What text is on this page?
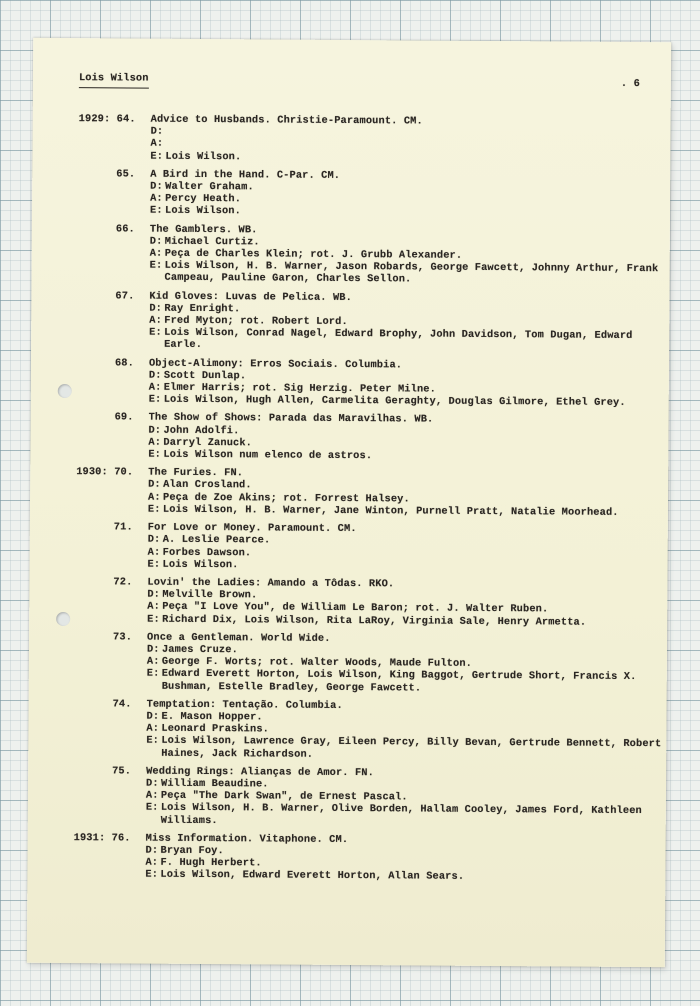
Lois Wilson	. 6
1929: 64.	Advice to Husbands. Christie-Paramount. CM.
D:
A:
E: Lois Wilson.
65.	A Bird in the Hand. C-Par. CM.
D: Walter Graham.
A: Percy Heath.
E: Lois Wilson.
66.	The Gamblers. WB.
D: Michael Curtiz.
A: Peça de Charles Klein; rot. J. Grubb Alexander.
E: Lois Wilson, H. B. Warner, Jason Robards, George Fawcett, Johnny Arthur, Frank Campeau, Pauline Garon, Charles Sellon.
67.	Kid Gloves: Luvas de Pelica. WB.
D: Ray Enright.
A: Fred Myton; rot. Robert Lord.
E: Lois Wilson, Conrad Nagel, Edward Brophy, John Davidson, Tom Dugan, Edward Earle.
68.	Object-Alimony: Erros Sociais. Columbia.
D: Scott Dunlap.
A: Elmer Harris; rot. Sig Herzig. Peter Milne.
E: Lois Wilson, Hugh Allen, Carmelita Geraghty, Douglas Gilmore, Ethel Grey.
69.	The Show of Shows: Parada das Maravilhas. WB.
D: John Adolfi.
A: Darryl Zanuck.
E: Lois Wilson num elenco de astros.
1930: 70.	The Furies. FN.
D: Alan Crosland.
A: Peça de Zoe Akins; rot. Forrest Halsey.
E: Lois Wilson, H. B. Warner, Jane Winton, Purnell Pratt, Natalie Moorhead.
71.	For Love or Money. Paramount. CM.
D: A. Leslie Pearce.
A: Forbes Dawson.
E: Lois Wilson.
72.	Lovin' the Ladies: Amando a Tôdas. RKO.
D: Melville Brown.
A: Peça "I Love You", de William Le Baron; rot. J. Walter Ruben.
E: Richard Dix, Lois Wilson, Rita LaRoy, Virginia Sale, Henry Armetta.
73.	Once a Gentleman. World Wide.
D: James Cruze.
A: George F. Worts; rot. Walter Woods, Maude Fulton.
E: Edward Everett Horton, Lois Wilson, King Baggot, Gertrude Short, Francis X. Bushman, Estelle Bradley, George Fawcett.
74.	Temptation: Tentação. Columbia.
D: E. Mason Hopper.
A: Leonard Praskins.
E: Lois Wilson, Lawrence Gray, Eileen Percy, Billy Bevan, Gertrude Bennett, Robert Haines, Jack Richardson.
75.	Wedding Rings: Alianças de Amor. FN.
D: William Beaudine.
A: Peça "The Dark Swan", de Ernest Pascal.
E: Lois Wilson, H. B. Warner, Olive Borden, Hallam Cooley, James Ford, Kathleen Williams.
1931: 76.	Miss Information. Vitaphone. CM.
D: Bryan Foy.
A: F. Hugh Herbert.
E: Lois Wilson, Edward Everett Horton, Allan Sears.
